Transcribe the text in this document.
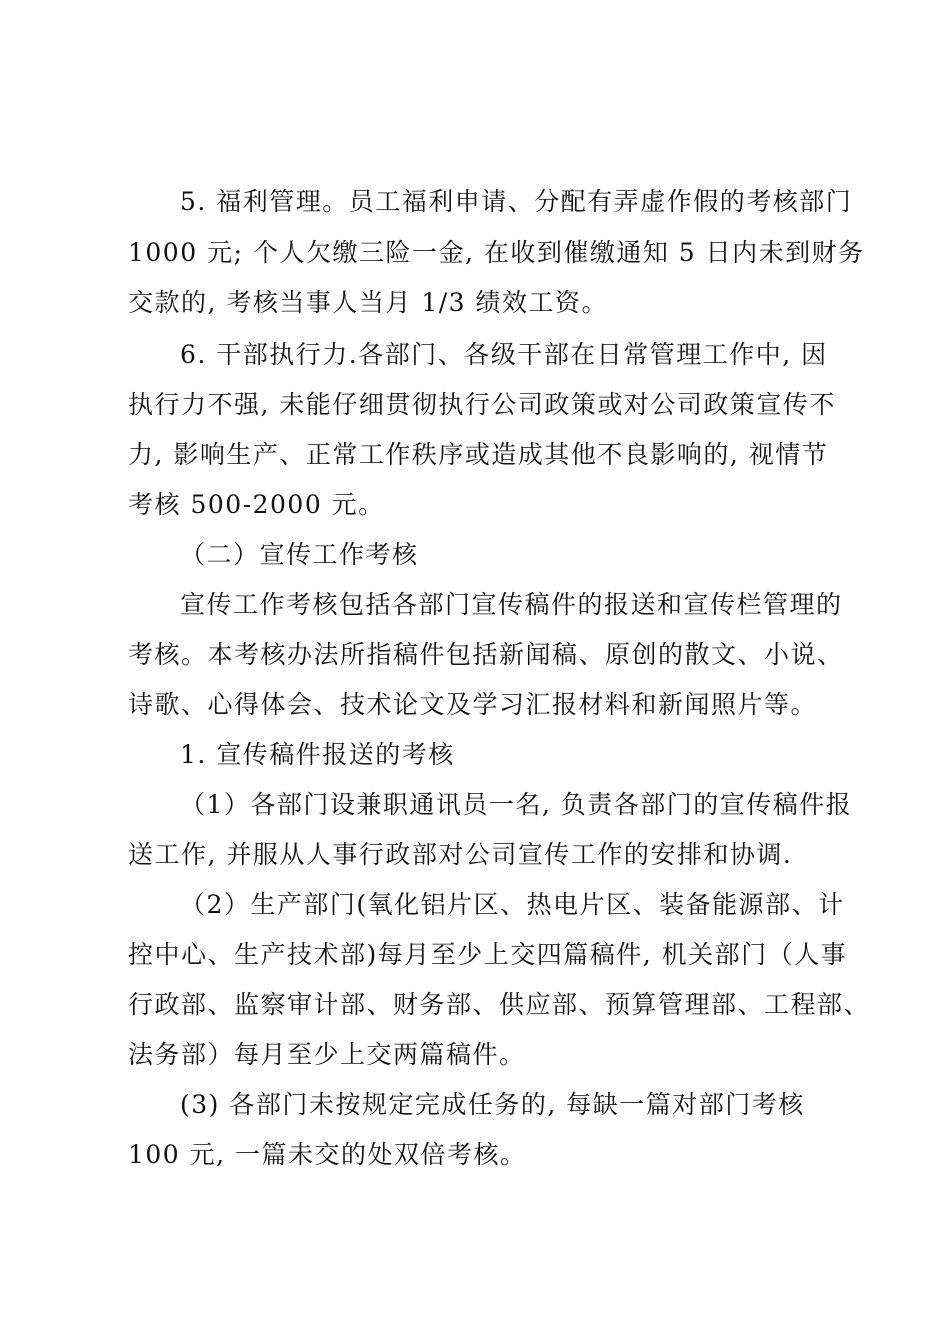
5. 福利管理。员工福利申请、分配有弄虚作假的考核部门
1000 元; 个人欠缴三险一金, 在收到催缴通知 5 日内未到财务
交款的, 考核当事人当月 1/3 绩效工资。
6. 干部执行力.各部门、各级干部在日常管理工作中, 因
执行力不强, 未能仔细贯彻执行公司政策或对公司政策宣传不
力, 影响生产、正常工作秩序或造成其他不良影响的, 视情节
考核 500-2000 元。
（二）宣传工作考核
宣传工作考核包括各部门宣传稿件的报送和宣传栏管理的
考核。本考核办法所指稿件包括新闻稿、原创的散文、小说、
诗歌、心得体会、技术论文及学习汇报材料和新闻照片等。
1. 宣传稿件报送的考核
（1）各部门设兼职通讯员一名, 负责各部门的宣传稿件报
送工作, 并服从人事行政部对公司宣传工作的安排和协调.
（2）生产部门(氧化铝片区、热电片区、装备能源部、计
控中心、生产技术部)每月至少上交四篇稿件, 机关部门（人事
行政部、监察审计部、财务部、供应部、预算管理部、工程部、
法务部）每月至少上交两篇稿件。
(3) 各部门未按规定完成任务的, 每缺一篇对部门考核
100 元, 一篇未交的处双倍考核。
